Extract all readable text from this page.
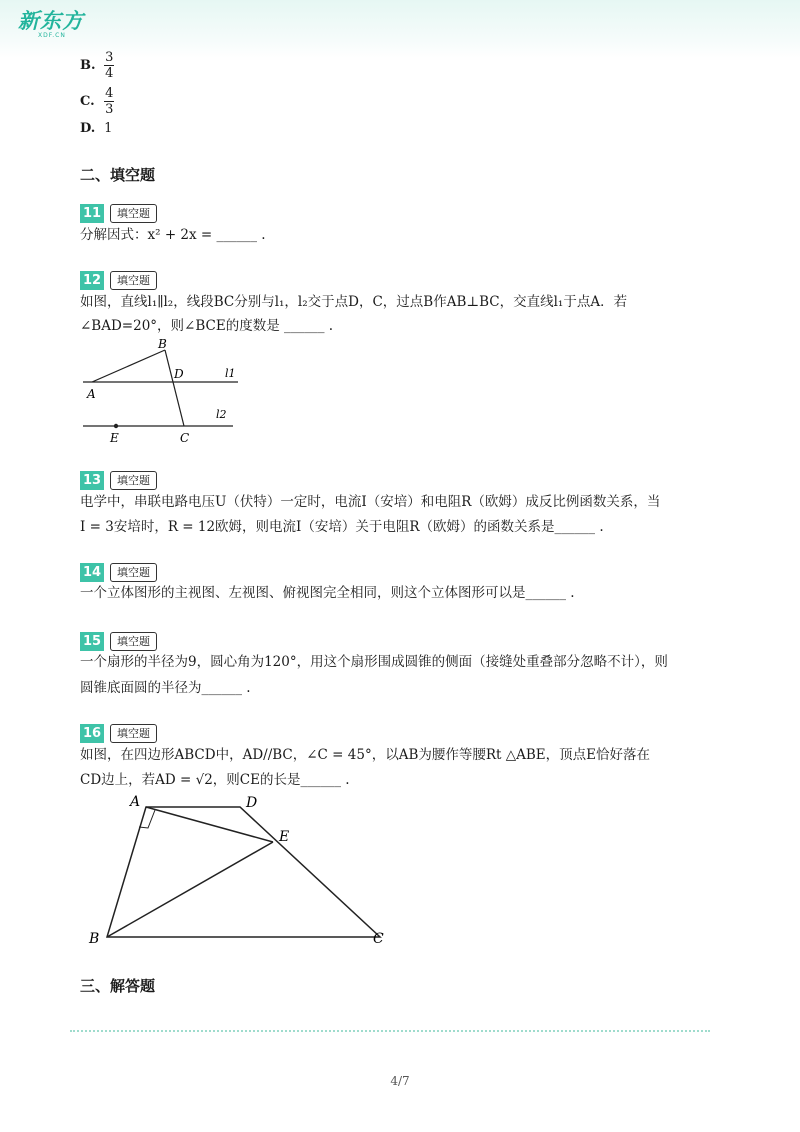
新东方
XDF.CN
B. $\frac{3}{4}$
C. $\frac{4}{3}$
D. 1
二、填空题
11	填空题
分解因式：x² + 2x = ______ .
12	填空题
如图，直线l₁∥l₂，线段BC分别与l₁，l₂交于点D，C，过点B作AB⊥BC，交直线l₁于点A．若
∠BAD=20°，则∠BCE的度数是 ______ .
B
D
A
l1
l2
E	C
13	填空题
电学中，串联电路电压U（伏特）一定时，电流I（安培）和电阻R（欧姆）成反比例函数关系，当
I = 3安培时，R = 12欧姆，则电流I（安培）关于电阻R（欧姆）的函数关系是______ .
14	填空题
一个立体图形的主视图、左视图、俯视图完全相同，则这个立体图形可以是______ .
15	填空题
一个扇形的半径为9，圆心角为120°，用这个扇形围成圆锥的侧面（接缝处重叠部分忽略不计），则
圆锥底面圆的半径为______ .
16	填空题
如图，在四边形ABCD中，AD//BC，∠C = 45°，以AB为腰作等腰Rt △ABE，顶点E恰好落在
CD边上，若AD = √2，则CE的长是______ .
A	D
E
B	C
三、解答题
4/7
